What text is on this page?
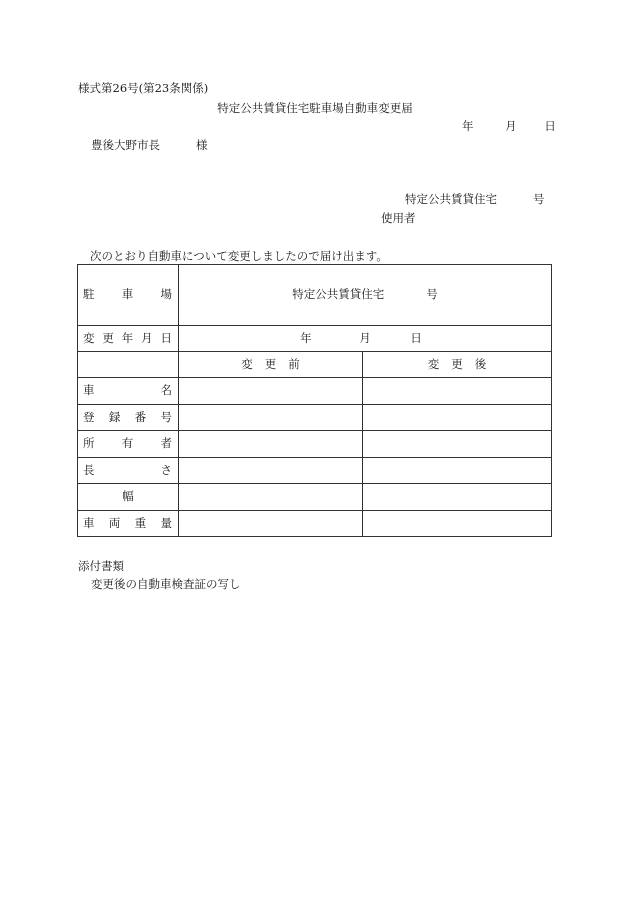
様式第26号(第23条関係)
特定公共賃貸住宅駐車場自動車変更届
年	月 日
豊後大野市長	様
特定公共賃貸住宅	号
使用者
次のとおり自動車について変更しましたので届け出ます。
駐 車 場	特定公共賃貸住宅 号	

変 更 年 月 日	年 月 日	
	変 更 前	変 更 後

車 名		

登 録 番 号		

所 有 者		

長 さ		

幅		

車 両 重 量		

添付書類
変更後の自動車検査証の写し
